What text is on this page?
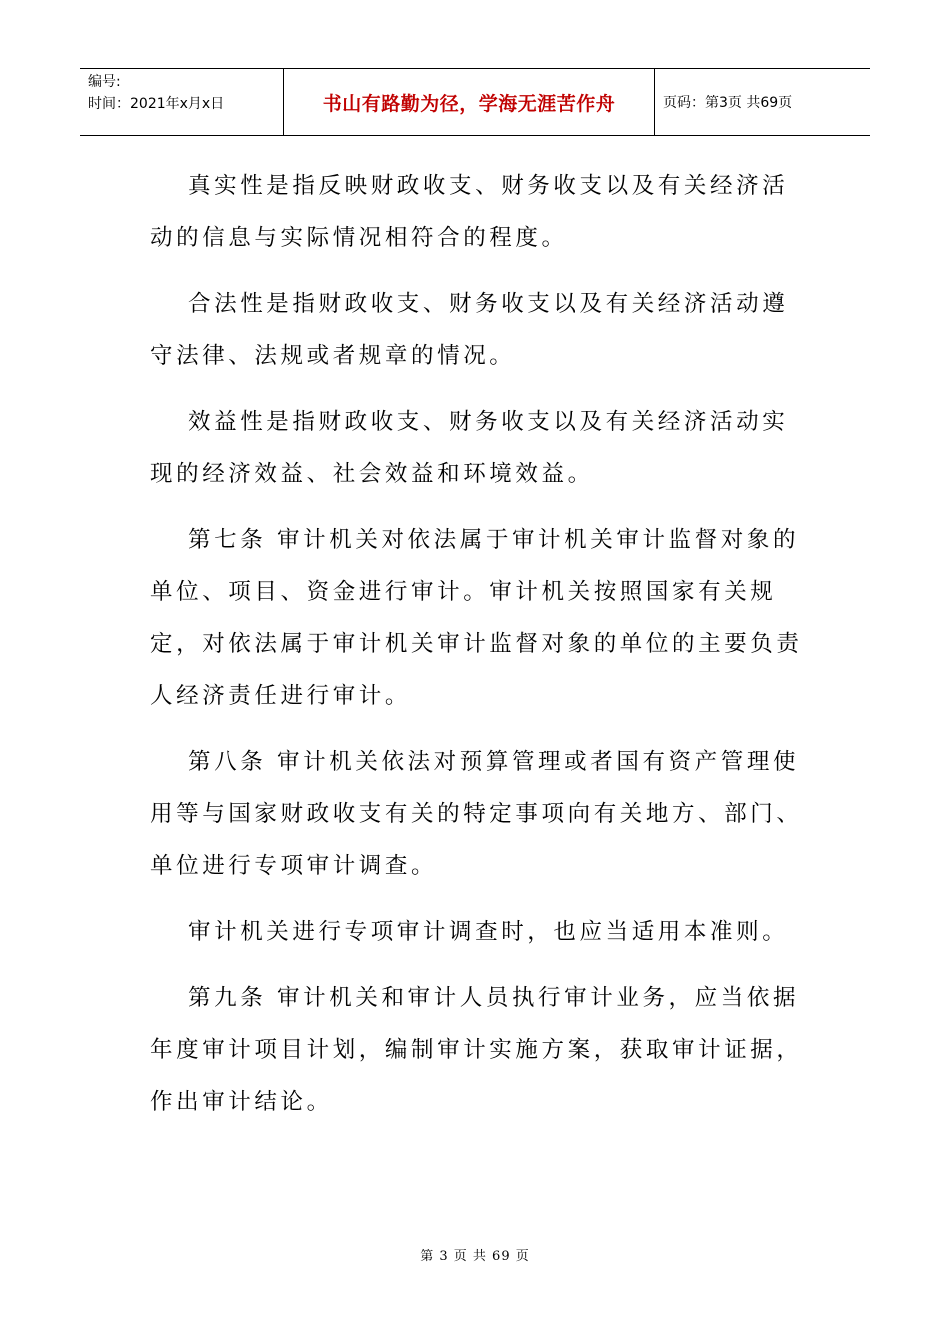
编号:
时间：2021年x月x日	书山有路勤为径，学海无涯苦作舟	页码：第3页 共69页

真实性是指反映财政收支、财务收支以及有关经济活动的信息与实际情况相符合的程度。

合法性是指财政收支、财务收支以及有关经济活动遵守法律、法规或者规章的情况。

效益性是指财政收支、财务收支以及有关经济活动实现的经济效益、社会效益和环境效益。

第七条 审计机关对依法属于审计机关审计监督对象的单位、项目、资金进行审计。审计机关按照国家有关规定，对依法属于审计机关审计监督对象的单位的主要负责人经济责任进行审计。

第八条 审计机关依法对预算管理或者国有资产管理使用等与国家财政收支有关的特定事项向有关地方、部门、单位进行专项审计调查。

审计机关进行专项审计调查时，也应当适用本准则。

第九条 审计机关和审计人员执行审计业务，应当依据年度审计项目计划，编制审计实施方案，获取审计证据，作出审计结论。

第 3 页 共 69 页
